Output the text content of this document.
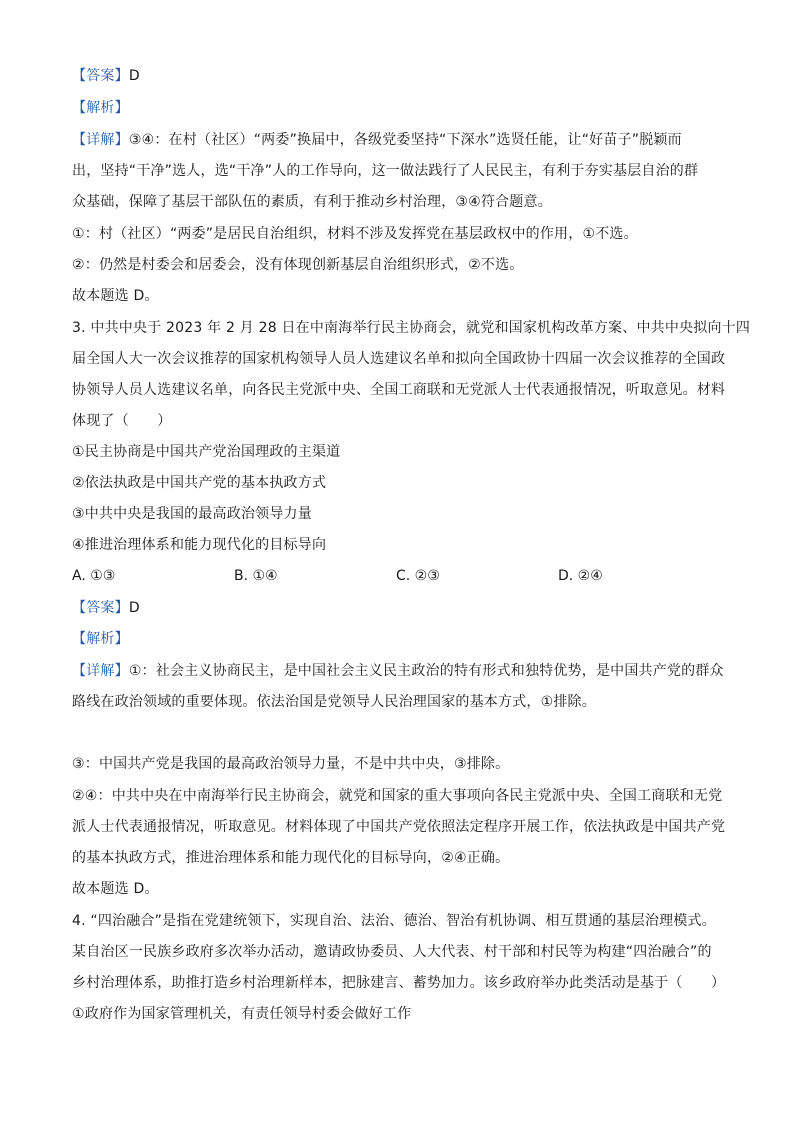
【答案】D
【解析】
【详解】③④：在村（社区）“两委”换届中，各级党委坚持“下深水”选贤任能，让“好苗子”脱颖而
出，坚持“干净”选人，选“干净”人的工作导向，这一做法践行了人民民主，有利于夯实基层自治的群
众基础，保障了基层干部队伍的素质，有利于推动乡村治理，③④符合题意。
①：村（社区）“两委”是居民自治组织，材料不涉及发挥党在基层政权中的作用，①不选。
②：仍然是村委会和居委会，没有体现创新基层自治组织形式，②不选。
故本题选 D。
3. 中共中央于 2023 年 2 月 28 日在中南海举行民主协商会，就党和国家机构改革方案、中共中央拟向十四
届全国人大一次会议推荐的国家机构领导人员人选建议名单和拟向全国政协十四届一次会议推荐的全国政
协领导人员人选建议名单，向各民主党派中央、全国工商联和无党派人士代表通报情况，听取意见。材料
体现了（　　）
①民主协商是中国共产党治国理政的主渠道
②依法执政是中国共产党的基本执政方式
③中共中央是我国的最高政治领导力量
④推进治理体系和能力现代化的目标导向
A. ①③	B. ①④	C. ②③	D. ②④
【答案】D
【解析】
【详解】①：社会主义协商民主，是中国社会主义民主政治的特有形式和独特优势，是中国共产党的群众
路线在政治领域的重要体现。依法治国是党领导人民治理国家的基本方式，①排除。
③：中国共产党是我国的最高政治领导力量，不是中共中央，③排除。
②④：中共中央在中南海举行民主协商会，就党和国家的重大事项向各民主党派中央、全国工商联和无党
派人士代表通报情况，听取意见。材料体现了中国共产党依照法定程序开展工作，依法执政是中国共产党
的基本执政方式，推进治理体系和能力现代化的目标导向，②④正确。
故本题选 D。
4. “四治融合”是指在党建统领下，实现自治、法治、德治、智治有机协调、相互贯通的基层治理模式。
某自治区一民族乡政府多次举办活动，邀请政协委员、人大代表、村干部和村民等为构建“四治融合”的
乡村治理体系，助推打造乡村治理新样本，把脉建言、蓄势加力。该乡政府举办此类活动是基于（　　）
①政府作为国家管理机关，有责任领导村委会做好工作
